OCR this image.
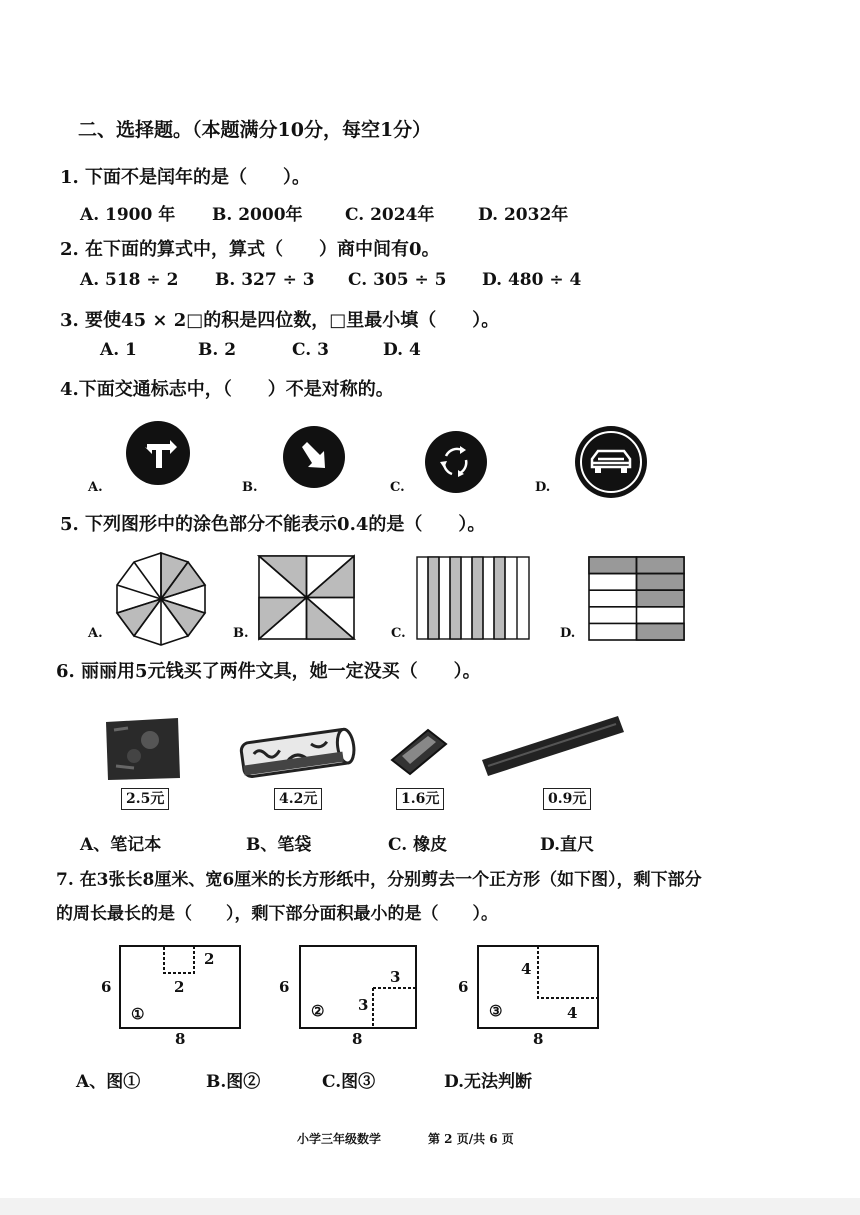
二、选择题。（本题满分10分，每空1分）
1. 下面不是闰年的是（　　）。
A. 1900 年 B. 2000年 C. 2024年	D. 2032年
2. 在下面的算式中，算式（　　）商中间有0。
A. 518 ÷ 2 B. 327 ÷ 3 C. 305 ÷ 5 D. 480 ÷ 4
3. 要使45 × 2□的积是四位数，□里最小填（　　）。
A. 1	B. 2	C. 3	D. 4
4.下面交通标志中，（　　）不是对称的。
A.	B.	C.	D.
5. 下列图形中的涂色部分不能表示0.4的是（　　）。
A.	B.	C.	D.
6. 丽丽用5元钱买了两件文具，她一定没买（　　）。
2.5元	4.2元	1.6元	0.9元
A、笔记本	B、笔袋	C. 橡皮	D.直尺
7. 在3张长8厘米、宽6厘米的长方形纸中，分别剪去一个正方形（如下图），剩下部分
的周长最长的是（　　），剩下部分面积最小的是（　　）。
6
8
2
2
①
6
8
3
3
②
6
8
4
4
③
A、图①	B.图②	C.图③	D.无法判断
小学三年级数学	第 2 页/共 6 页
